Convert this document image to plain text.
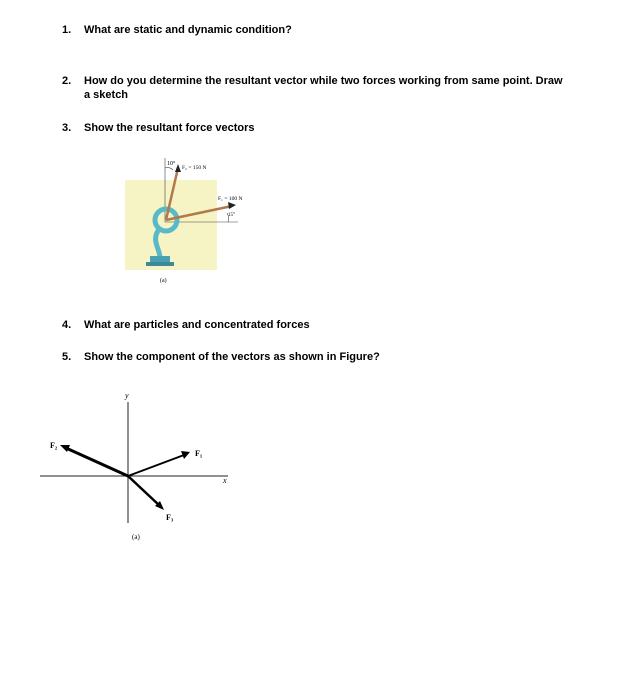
1. What are static and dynamic condition?
2. How do you determine the resultant vector while two forces working from same point. Draw
a sketch
3. Show the resultant force vectors
10°
F₂ = 150 N
F₁ = 100 N
15°
(a)
4. What are particles and concentrated forces
5. Show the component of the vectors as shown in Figure?
y
x
F₂
F₁
F₃
(a)
